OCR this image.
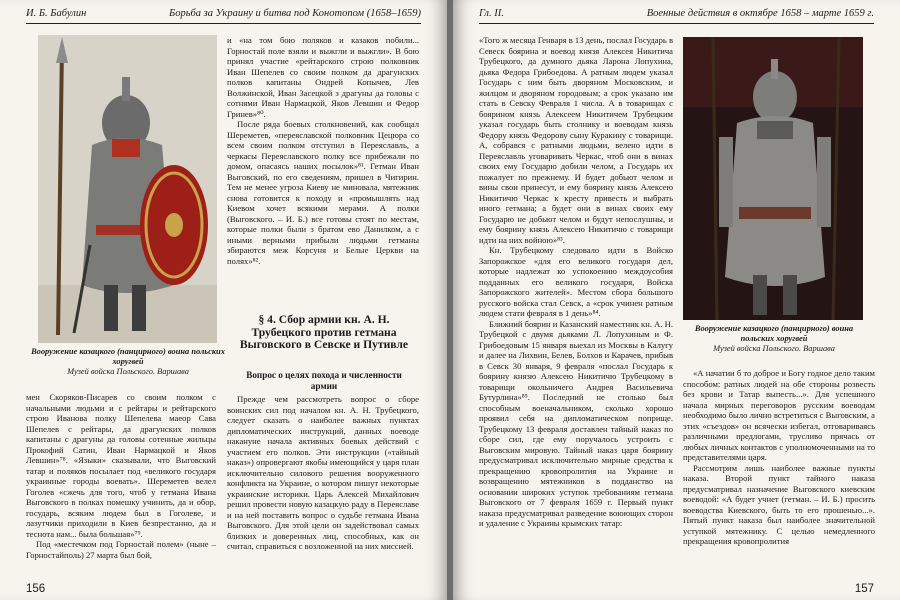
И. Б. Бабулин	Борьба за Украину и битва под Конотопом (1658–1659)
Вооружение казацкого (панцирного) воина польских хоругвей
Музей войска Польского. Варшава

мен Скоряков-Писарев со своим полком с начальными людьми и с рейтары и рейтарского строю Иванова полку Шепелева маеор Сава Шепелев с рейтары, да драгунских полков капитаны с драгуны да головы сотенные жильцы Прокофий Сатин, Иван Нармацкой и Яков Левшин»⁷⁸. «Языки» сказывали, что Выговский татар и поляков посылает под «великого государя украинные городы воевать». Шереметев велел Гоголев «сжечь для того, чтоб у гетмана Ивана Выговского в полках помешку учинить, да и обор, государь, всяким людем был в Гоголеве, и лазутчики приходили в Киев безпрестанно, да и теснота нам... была большая»⁷⁹.

Под «местечком под Горностай полем» (ныне – Горностайполь) 27 марта был бой,

и «на том бою поляков и казаков побили... Горностай поле взяли и выжгли и выжгли». В бою принял участие «рейтарского строю полковник Иван Шепелев со своим полком да драгунских полков капитаны Ондрей Копычев, Лев Волжинской, Иван Засецкой з драгуны да головы с сотнями Иван Нармацкой, Яков Левшин и Федор Гринев»⁸⁰.

После ряда боевых столкновений, как сообщал Шереметев, «переяславской полковник Цецюра со всем своим полком отступил в Переяславль, а черкасы Переяславского полку все прибежали по домом, опасаясь наших посылок»⁸¹. Гетман Иван Выговский, по его сведениям, пришел в Чигирин. Тем не менее угроза Киеву не миновала, мятежник снова готовится к походу и «промышлять над Киевом хочет всякими мерами. А полки (Выговского. – И. Б.) все готовы стоят по местам, которые полки были з братом ево Данилком, а с иными верными прибыли людьми гетманы збираются меж Корсуня и Белые Церкви на полях»⁸².

§ 4. Сбор армии кн. А. Н. Трубецкого против гетмана Выговского в Севске и Путивле
Вопрос о целях похода и численности армии

Прежде чем рассмотреть вопрос о сборе воинских сил под началом кн. А. Н. Трубецкого, следует сказать о наиболее важных пунктах дипломатических инструкций, данных воеводе накануне начала активных боевых действий с участием его полков. Эти инструкции («тайный наказ») опровергают якобы имеющийся у царя план исключительно силового решения вооруженного конфликта на Украине, о котором пишут некоторые украинские историки. Царь Алексей Михайлович решил провести новую казацкую раду в Переяславе и на ней поставить вопрос о судьбе гетмана Ивана Выговского. Для этой цели он задействовал самых близких и доверенных лиц, способных, как он считал, справиться с возложенной на них миссией.

156
Гл. II.	Военные действия в октябре 1658 – марте 1659 г.

«Того ж месяца Генваря в 13 день, послал Государь в Севеск боярина и воевод князя Алексея Никитича Трубецкого, да думного дьяка Ларона Лопухина, дьяка Федора Грибоедова. А ратным людем указал Государь с ним быть дворяном Московским, и жилцом и дворяном городовым; а срок указано им стать в Севску Февраля 1 числа. А в товарищах с боярином князь Алексеем Никитичем Трубецким указал государь быть столнику и воеводам князь Федору князь Федорову сыну Куракину с товарищи. А, собрався с ратными людьми, велено идти в Переяславль уговаривать Черкас, чтоб они в винах своих ему Государю добили челом, а Государь их пожалует по прежнему. И будет добьют челом и вины свои принесут, и ему боярину князь Алексею Никитичю Черкас к кресту привесть и выбрать иного гетмана; а будет они в винах своих ему Государю не добьют челом и будут непослушны, и ему боярину князь Алексею Никитичю с товарищи идти на них войною»⁸³.

Кн. Трубецкому следовало идти в Войско Запорожское «для его великого государя дел, которые надлежат ко успокоению междоусобия подданных его великого государя, Войска Запорожского жителей». Местом сбора большого русского войска стал Севск, а «срок учинен ратным людем стати февраля в 1 день»⁸⁴.

Ближний боярин и Казанский наместник кн. А. Н. Трубецкой с двумя дьяками Л. Лопухиным и Ф. Грибоедовым 15 января выехал из Москвы в Калугу и далее на Лихвин, Белев, Болхов и Карачев, прибыв в Севск 30 января, 9 февраля «послал Государь к боярину князю Алексею Никитичю Трубецкому в товарищи окольничего Андрея Васильевича Бутурлина»⁸⁵. Последний не столько был способным военачальником, сколько хорошо проявил себя на дипломатическом поприще. Трубецкому 13 февраля доставлен тайный наказ по сборе сил, где ему поручалось устроить с Выговским мировую. Тайный наказ царя боярину предусматривал исключительно мирные средства к прекращению кровопролития на Украине и возвращению мятежников в подданство на основании широких уступок требованиям гетмана Выговского от 7 февраля 1659 г. Первый пункт наказа предусматривал разведение воюющих сторон и удаление с Украины крымских татар:

Вооружение казацкого (панцирного) воина польских хоругвей
Музей войска Польского. Варшава

«А начатии б то доброе и Богу годное дело таким способом: ратных людей на обе стороны розвесть без крови и Татар выпесть...». Для успешного начала мирных переговоров русским воеводам необходимо было лично встретиться с Выговским, а этих «съездов» он всячески избегал, отговариваясь различными предлогами, трусливо прячась от любых личных контактов с уполномоченными на то представителями царя.

Рассмотрим лишь наиболее важные пункты наказа. Второй пункт тайного наказа предусматривал назначение Выговского киевским воеводой: «А будет учнет (гетман. – И. Б.) просить воеводства Киевского, быть то его прошенью...». Пятый пункт наказа был наиболее значительной уступкой мятежнику. С целью немедленного прекращения кровопролития

157
